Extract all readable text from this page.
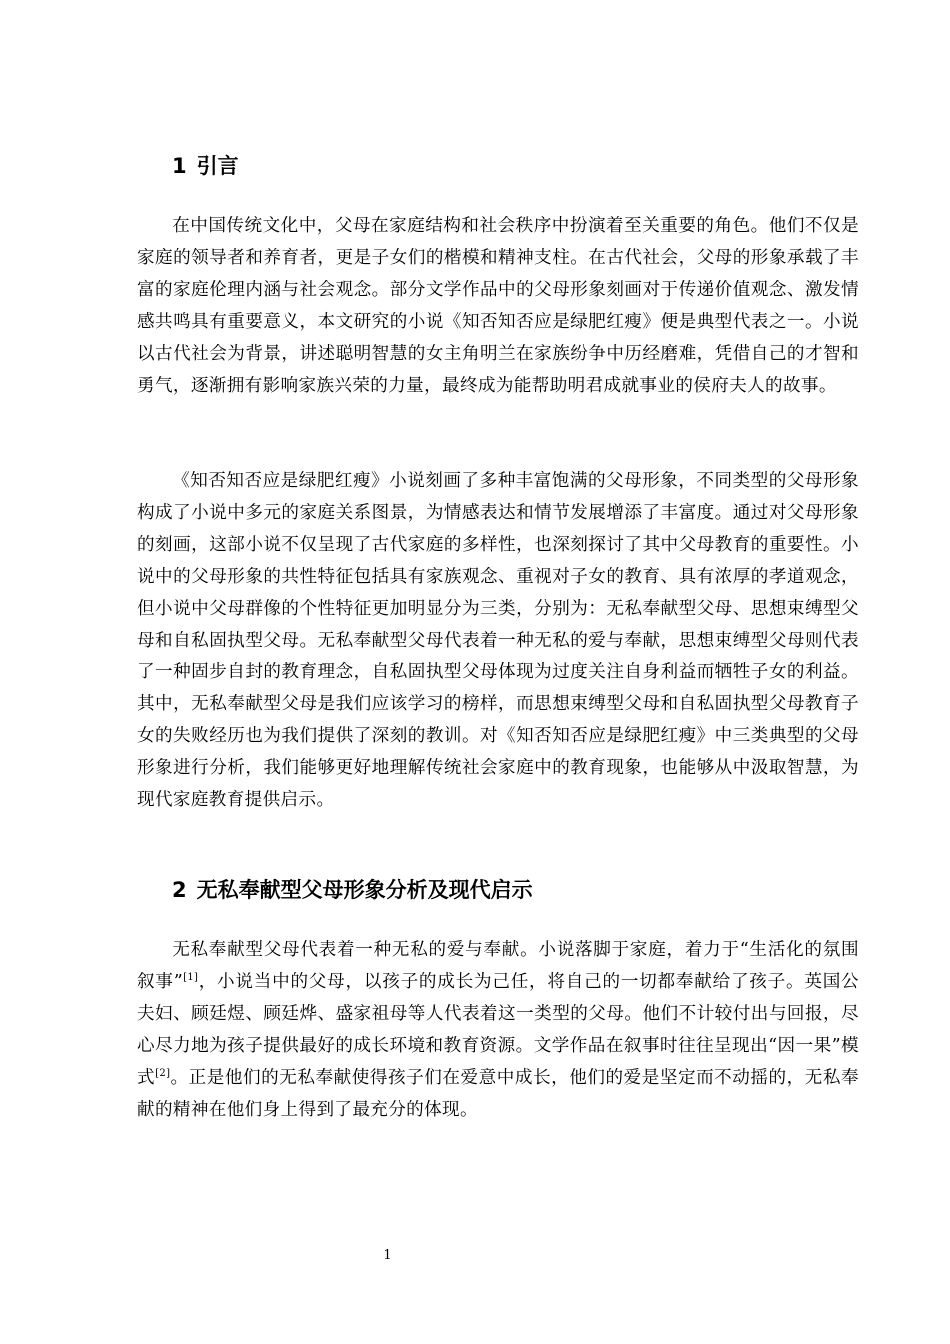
1 引言

在中国传统文化中，父母在家庭结构和社会秩序中扮演着至关重要的角色。他们不仅是家庭的领导者和养育者，更是子女们的楷模和精神支柱。在古代社会，父母的形象承载了丰富的家庭伦理内涵与社会观念。部分文学作品中的父母形象刻画对于传递价值观念、激发情感共鸣具有重要意义，本文研究的小说《知否知否应是绿肥红瘦》便是典型代表之一。小说以古代社会为背景，讲述聪明智慧的女主角明兰在家族纷争中历经磨难，凭借自己的才智和勇气，逐渐拥有影响家族兴荣的力量，最终成为能帮助明君成就事业的侯府夫人的故事。

《知否知否应是绿肥红瘦》小说刻画了多种丰富饱满的父母形象，不同类型的父母形象构成了小说中多元的家庭关系图景，为情感表达和情节发展增添了丰富度。通过对父母形象的刻画，这部小说不仅呈现了古代家庭的多样性，也深刻探讨了其中父母教育的重要性。小说中的父母形象的共性特征包括具有家族观念、重视对子女的教育、具有浓厚的孝道观念，但小说中父母群像的个性特征更加明显分为三类，分别为：无私奉献型父母、思想束缚型父母和自私固执型父母。无私奉献型父母代表着一种无私的爱与奉献，思想束缚型父母则代表了一种固步自封的教育理念，自私固执型父母体现为过度关注自身利益而牺牲子女的利益。其中，无私奉献型父母是我们应该学习的榜样，而思想束缚型父母和自私固执型父母教育子女的失败经历也为我们提供了深刻的教训。对《知否知否应是绿肥红瘦》中三类典型的父母形象进行分析，我们能够更好地理解传统社会家庭中的教育现象，也能够从中汲取智慧，为现代家庭教育提供启示。

2 无私奉献型父母形象分析及现代启示

无私奉献型父母代表着一种无私的爱与奉献。小说落脚于家庭，着力于“生活化的氛围叙事”[1]，小说当中的父母，以孩子的成长为己任，将自己的一切都奉献给了孩子。英国公夫妇、顾廷煜、顾廷烨、盛家祖母等人代表着这一类型的父母。他们不计较付出与回报，尽心尽力地为孩子提供最好的成长环境和教育资源。文学作品在叙事时往往呈现出“因一果”模式[2]。正是他们的无私奉献使得孩子们在爱意中成长，他们的爱是坚定而不动摇的，无私奉献的精神在他们身上得到了最充分的体现。

1
